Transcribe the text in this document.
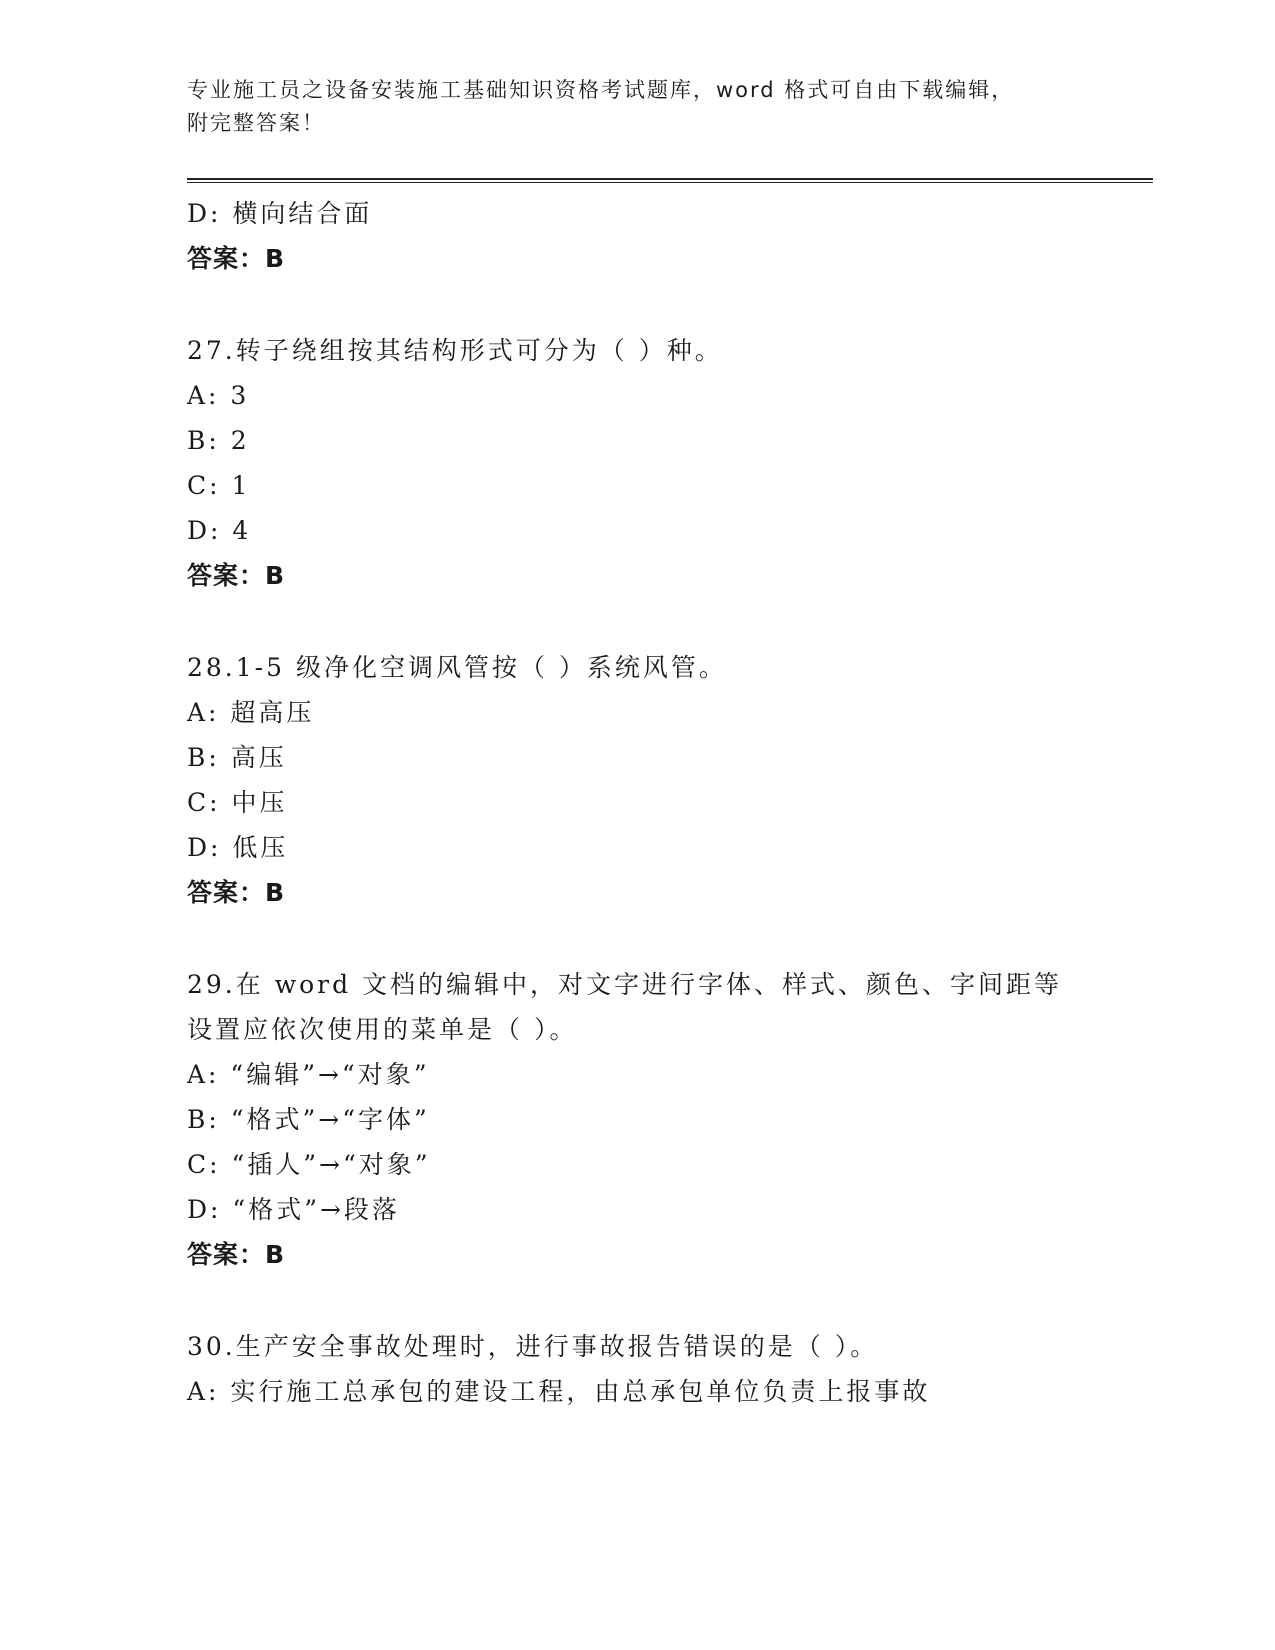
专业施工员之设备安装施工基础知识资格考试题库，word 格式可自由下载编辑，
附完整答案！
D: 横向结合面
答案：B
27.转子绕组按其结构形式可分为（ ）种。
A: 3
B: 2
C: 1
D: 4
答案：B
28.1-5 级净化空调风管按（ ）系统风管。
A: 超高压
B: 高压
C: 中压
D: 低压
答案：B
29.在 word 文档的编辑中，对文字进行字体、样式、颜色、字间距等
设置应依次使用的菜单是（ ）。
A: “编辑”→“对象”
B: “格式”→“字体”
C: “插人”→“对象”
D: “格式”→段落
答案：B
30.生产安全事故处理时，进行事故报告错误的是（ ）。
A: 实行施工总承包的建设工程，由总承包单位负责上报事故
